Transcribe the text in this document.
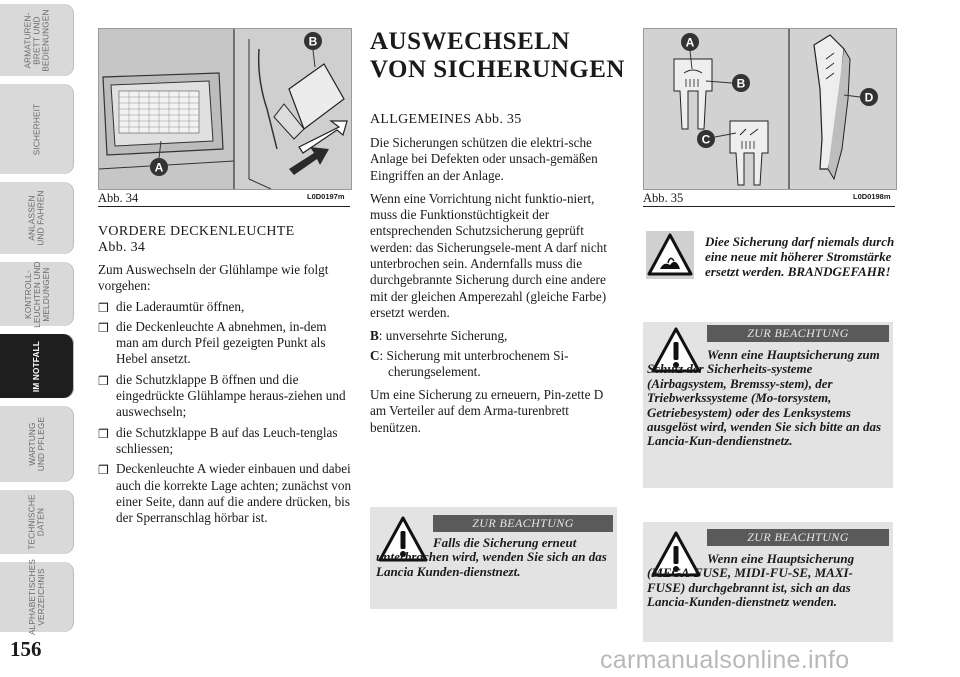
ARMATUREN-
BRETT UND
BEDIENUNGEN
SICHERHEIT
ANLASSEN
UND FAHREN
KONTROLL-
LEUCHTEN UND
MELDUNGEN
IM NOTFALL
WARTUNG
UND PFLEGE
TECHNISCHE
DATEN
ALPHABETISCHES
VERZEICHNIS
156
B
A
Abb. 34	L0D0197m
A
B
C
D
Abb. 35	L0D0198m
VORDERE DECKENLEUCHTE
Abb. 34

Zum Auswechseln der Glühlampe wie folgt vorgehen:

❒ die Laderaumtür öffnen,
❒ die Deckenleuchte A abnehmen, in-dem man am durch Pfeil gezeigten Punkt als Hebel ansetzt.
❒ die Schutzklappe B öffnen und die eingedrückte Glühlampe heraus-ziehen und auswechseln;
❒ die Schutzklappe B auf das Leuch-tenglas schliessen;
❒ Deckenleuchte A wieder einbauen und dabei auch die korrekte Lage achten; zunächst von einer Seite, dann auf die andere drücken, bis der Sperranschlag hörbar ist.
AUSWECHSELN
VON SICHERUNGEN
ALLGEMEINES Abb. 35

Die Sicherungen schützen die elektri-sche Anlage bei Defekten oder unsach-gemäßen Eingriffen an der Anlage.

Wenn eine Vorrichtung nicht funktio-niert, muss die Funktionstüchtigkeit der entsprechenden Schutzsicherung geprüft werden: das Sicherungsele-ment A darf nicht unterbrochen sein. Andernfalls muss die durchgebrannte Sicherung durch eine andere mit der gleichen Amperezahl (gleiche Farbe) ersetzt werden.

B: unversehrte Sicherung,

C: Sicherung mit unterbrochenem Si-cherungselement.

Um eine Sicherung zu erneuern, Pin-zette D am Verteiler auf dem Arma-turenbrett benützen.

ZUR BEACHTUNG
Falls die Sicherung erneut unterbrochen wird, wenden Sie sich an das Lancia Kunden-dienstnezt.
Diee Sicherung darf niemals durch eine neue mit höherer Stromstärke ersetzt werden. BRANDGEFAHR!
ZUR BEACHTUNG
Wenn eine Hauptsicherung zum Schutz der Sicherheits-systeme (Airbagsystem, Bremssy-stem), der Triebwerkssysteme (Mo-torsystem, Getriebesystem) oder des Lenksystems ausgelöst wird, wenden Sie sich bitte an das Lancia-Kun-dendienstnetz.
ZUR BEACHTUNG
Wenn eine Hauptsicherung (MEGA-FUSE, MIDI-FU-SE, MAXI-FUSE) durchgebrannt ist, sich an das Lancia-Kunden-dienstnetz wenden.
carmanualsonline.info
